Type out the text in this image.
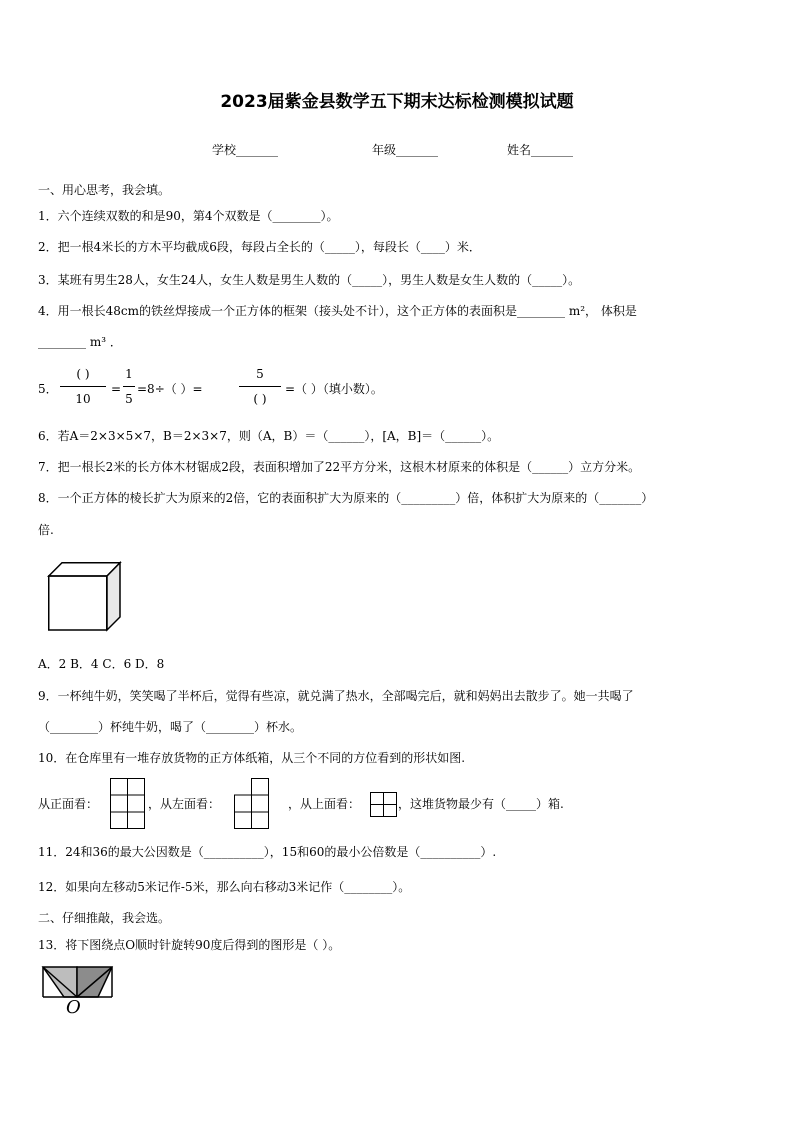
2023届紫金县数学五下期末达标检测模拟试题
学校_______	年级_______	姓名_______
一、用心思考，我会填。
1．六个连续双数的和是90，第4个双数是（________）。
2．把一根4米长的方木平均截成6段，每段占全长的（_____），每段长（____）米．
3．某班有男生28人，女生24人，女生人数是男生人数的（_____），男生人数是女生人数的（_____）。
4．用一根长48cm的铁丝焊接成一个正方体的框架（接头处不计），这个正方体的表面积是________ m²， 体积是
________ m³ ．
5．
( )
10
=
1
5
=8÷（ ）=
5
( )
=（ ）（填小数）。
6．若A＝2×3×5×7，B＝2×3×7，则（A，B）＝（______），[A，B]＝（______）。
7．把一根长2米的长方体木材锯成2段，表面积增加了22平方分米，这根木材原来的体积是（______）立方分米。
8．一个正方体的棱长扩大为原来的2倍，它的表面积扩大为原来的（_________）倍，体积扩大为原来的（_______）
倍.
A．2 B．4 C．6 D．8
9．一杯纯牛奶，笑笑喝了半杯后，觉得有些凉，就兑满了热水，全部喝完后，就和妈妈出去散步了。她一共喝了
（________）杯纯牛奶，喝了（________）杯水。
10．在仓库里有一堆存放货物的正方体纸箱，从三个不同的方位看到的形状如图.
从正面看：	，从左面看：	，从上面看：	，这堆货物最少有（_____）箱.
11．24和36的最大公因数是（__________），15和60的最小公倍数是（__________）.
12．如果向左移动5米记作-5米，那么向右移动3米记作（________）。
二、仔细推敲，我会选。
13．将下图绕点O顺时针旋转90度后得到的图形是（ ）。
O
